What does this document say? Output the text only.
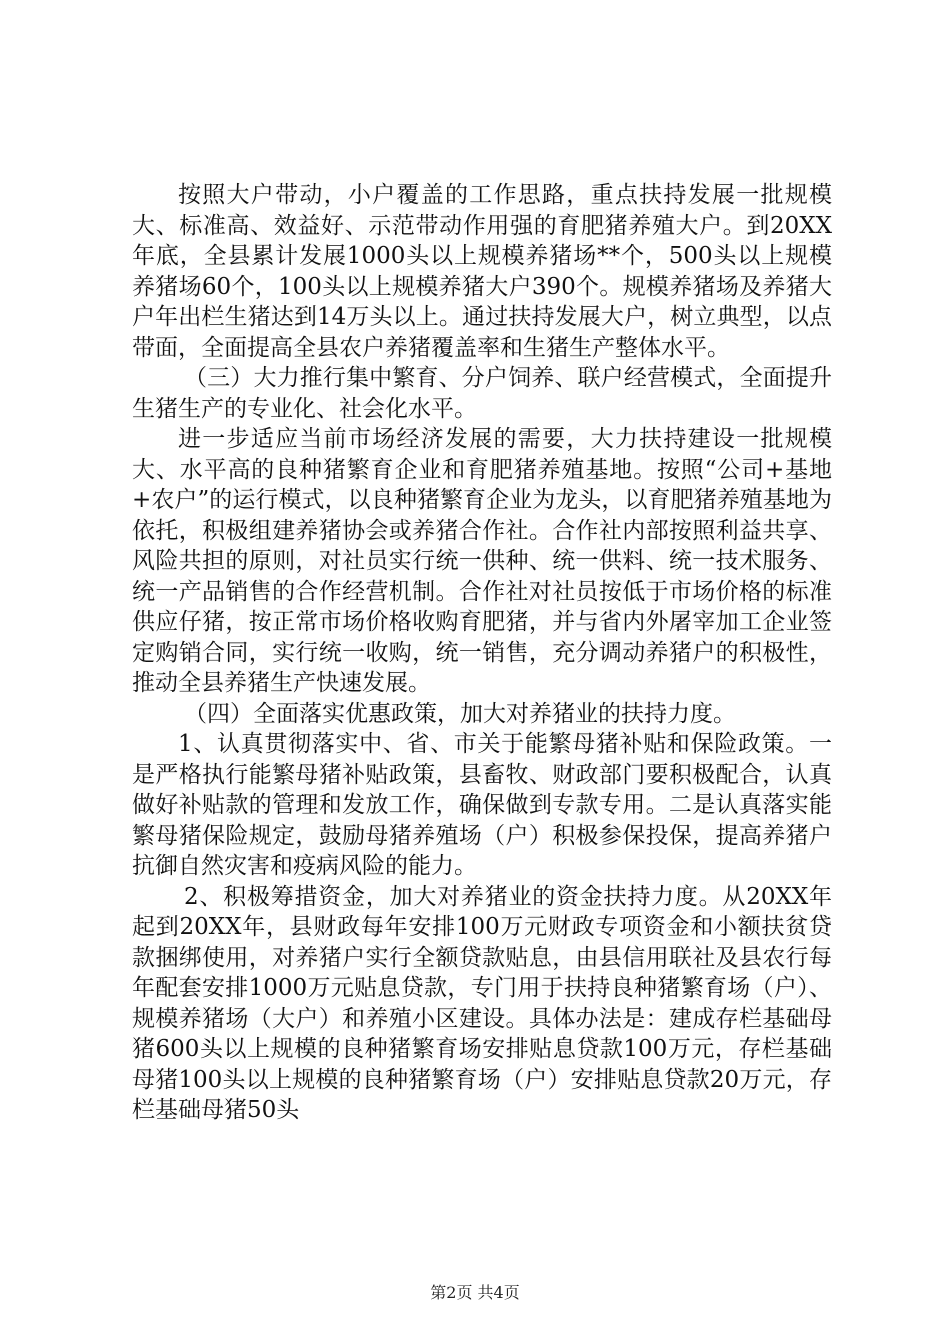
按照大户带动，小户覆盖的工作思路，重点扶持发展一批规模大、标准高、效益好、示范带动作用强的育肥猪养殖大户。到20XX年底，全县累计发展1000头以上规模养猪场**个，500头以上规模养猪场60个，100头以上规模养猪大户390个。规模养猪场及养猪大户年出栏生猪达到14万头以上。通过扶持发展大户，树立典型，以点带面，全面提高全县农户养猪覆盖率和生猪生产整体水平。

（三）大力推行集中繁育、分户饲养、联户经营模式，全面提升生猪生产的专业化、社会化水平。

进一步适应当前市场经济发展的需要，大力扶持建设一批规模大、水平高的良种猪繁育企业和育肥猪养殖基地。按照“公司+基地+农户”的运行模式，以良种猪繁育企业为龙头，以育肥猪养殖基地为依托，积极组建养猪协会或养猪合作社。合作社内部按照利益共享、风险共担的原则，对社员实行统一供种、统一供料、统一技术服务、统一产品销售的合作经营机制。合作社对社员按低于市场价格的标准供应仔猪，按正常市场价格收购育肥猪，并与省内外屠宰加工企业签定购销合同，实行统一收购，统一销售，充分调动养猪户的积极性，推动全县养猪生产快速发展。

（四）全面落实优惠政策，加大对养猪业的扶持力度。

1、认真贯彻落实中、省、市关于能繁母猪补贴和保险政策。一是严格执行能繁母猪补贴政策，县畜牧、财政部门要积极配合，认真做好补贴款的管理和发放工作，确保做到专款专用。二是认真落实能繁母猪保险规定，鼓励母猪养殖场（户）积极参保投保，提高养猪户抗御自然灾害和疫病风险的能力。

2、积极筹措资金，加大对养猪业的资金扶持力度。从20XX年起到20XX年，县财政每年安排100万元财政专项资金和小额扶贫贷款捆绑使用，对养猪户实行全额贷款贴息，由县信用联社及县农行每年配套安排1000万元贴息贷款，专门用于扶持良种猪繁育场（户）、规模养猪场（大户）和养殖小区建设。具体办法是：建成存栏基础母猪600头以上规模的良种猪繁育场安排贴息贷款100万元，存栏基础母猪100头以上规模的良种猪繁育场（户）安排贴息贷款20万元，存栏基础母猪50头

第2页 共4页
